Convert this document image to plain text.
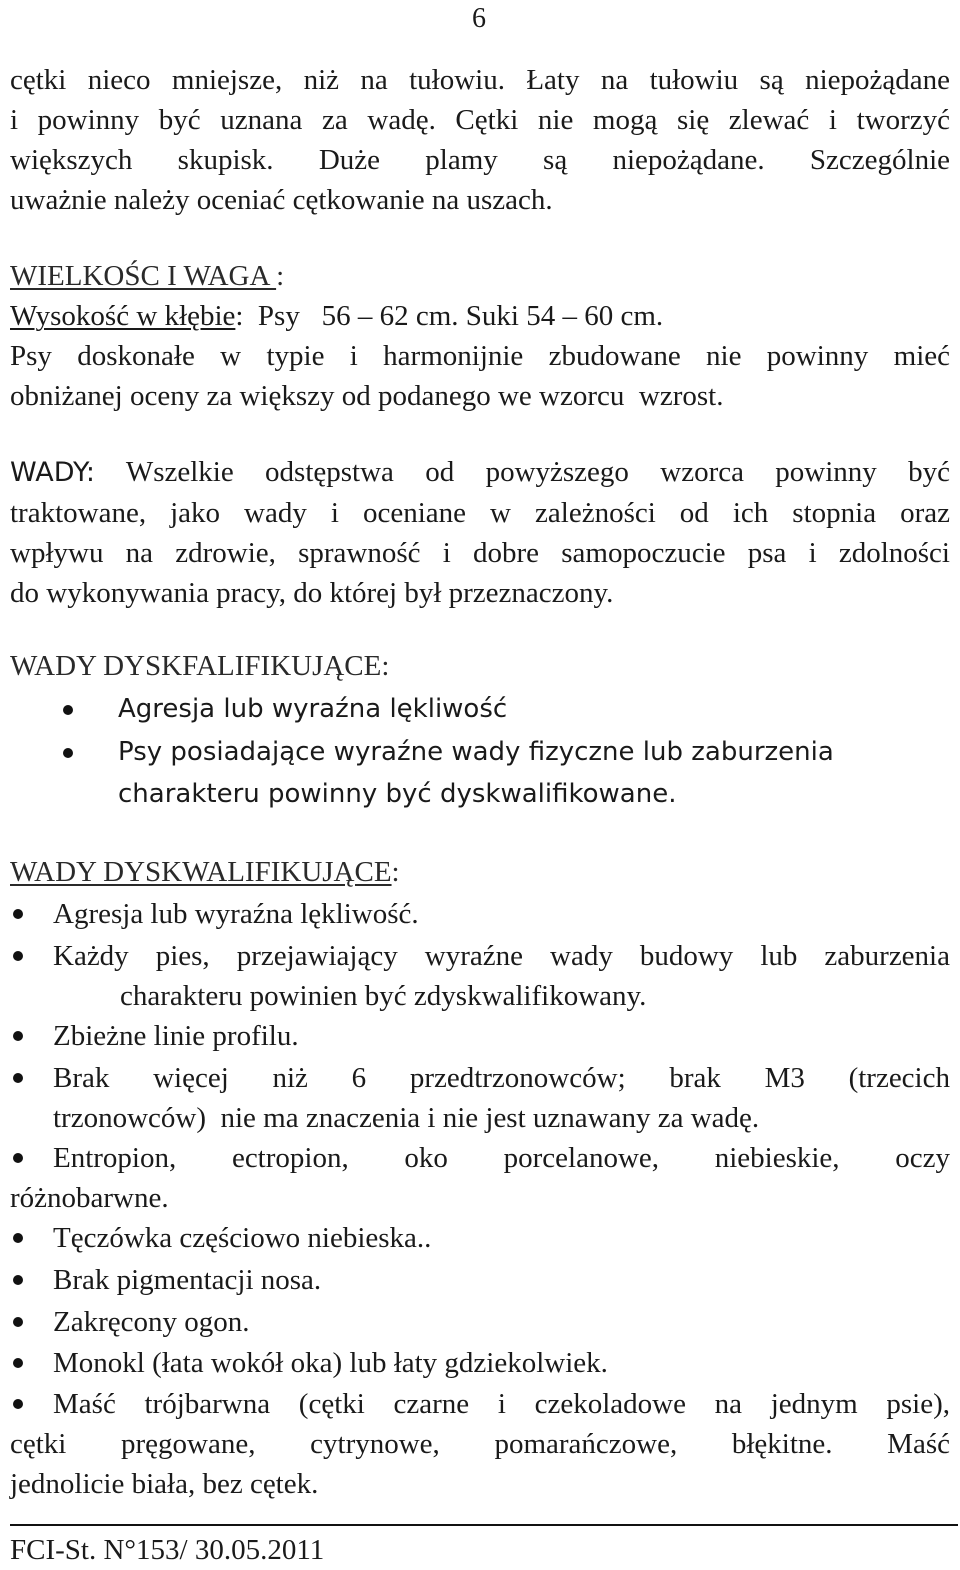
6
cętki nieco mniejsze, niż na tułowiu. Łaty na tułowiu są niepożądane
i powinny być uznana za wadę. Cętki nie mogą się zlewać i tworzyć
większych skupisk. Duże plamy są niepożądane. Szczególnie
uważnie należy oceniać cętkowanie na uszach.
WIELKOŚC I WAGA :
Wysokość w kłębie:  Psy   56 – 62 cm. Suki 54 – 60 cm.
Psy doskonałe w typie i harmonijnie zbudowane nie powinny mieć
obniżanej oceny za większy od podanego we wzorcu  wzrost.
WADY: Wszelkie odstępstwa od powyższego wzorca powinny być
traktowane, jako wady i oceniane w zależności od ich stopnia oraz
wpływu na zdrowie, sprawność i dobre samopoczucie psa i zdolności
do wykonywania pracy, do której był przeznaczony.
WADY DYSKFALIFIKUJĄCE:
Agresja lub wyraźna lękliwość
Psy posiadające wyraźne wady fizyczne lub zaburzenia
charakteru powinny być dyskwalifikowane.
WADY DYSKWALIFIKUJĄCE:
Agresja lub wyraźna lękliwość.
Każdy pies, przejawiający wyraźne wady budowy lub zaburzenia
charakteru powinien być zdyskwalifikowany.
Zbieżne linie profilu.
Brak więcej niż 6 przedtrzonowców; brak M3 (trzecich
trzonowców)  nie ma znaczenia i nie jest uznawany za wadę.
Entropion, ectropion, oko porcelanowe, niebieskie, oczy
różnobarwne.
Tęczówka częściowo niebieska..
Brak pigmentacji nosa.
Zakręcony ogon.
Monokl (łata wokół oka) lub łaty gdziekolwiek.
Maść trójbarwna (cętki czarne i czekoladowe na jednym psie),
cętki pręgowane, cytrynowe, pomarańczowe, błękitne. Maść
jednolicie biała, bez cętek.
FCI-St. N°153/ 30.05.2011
